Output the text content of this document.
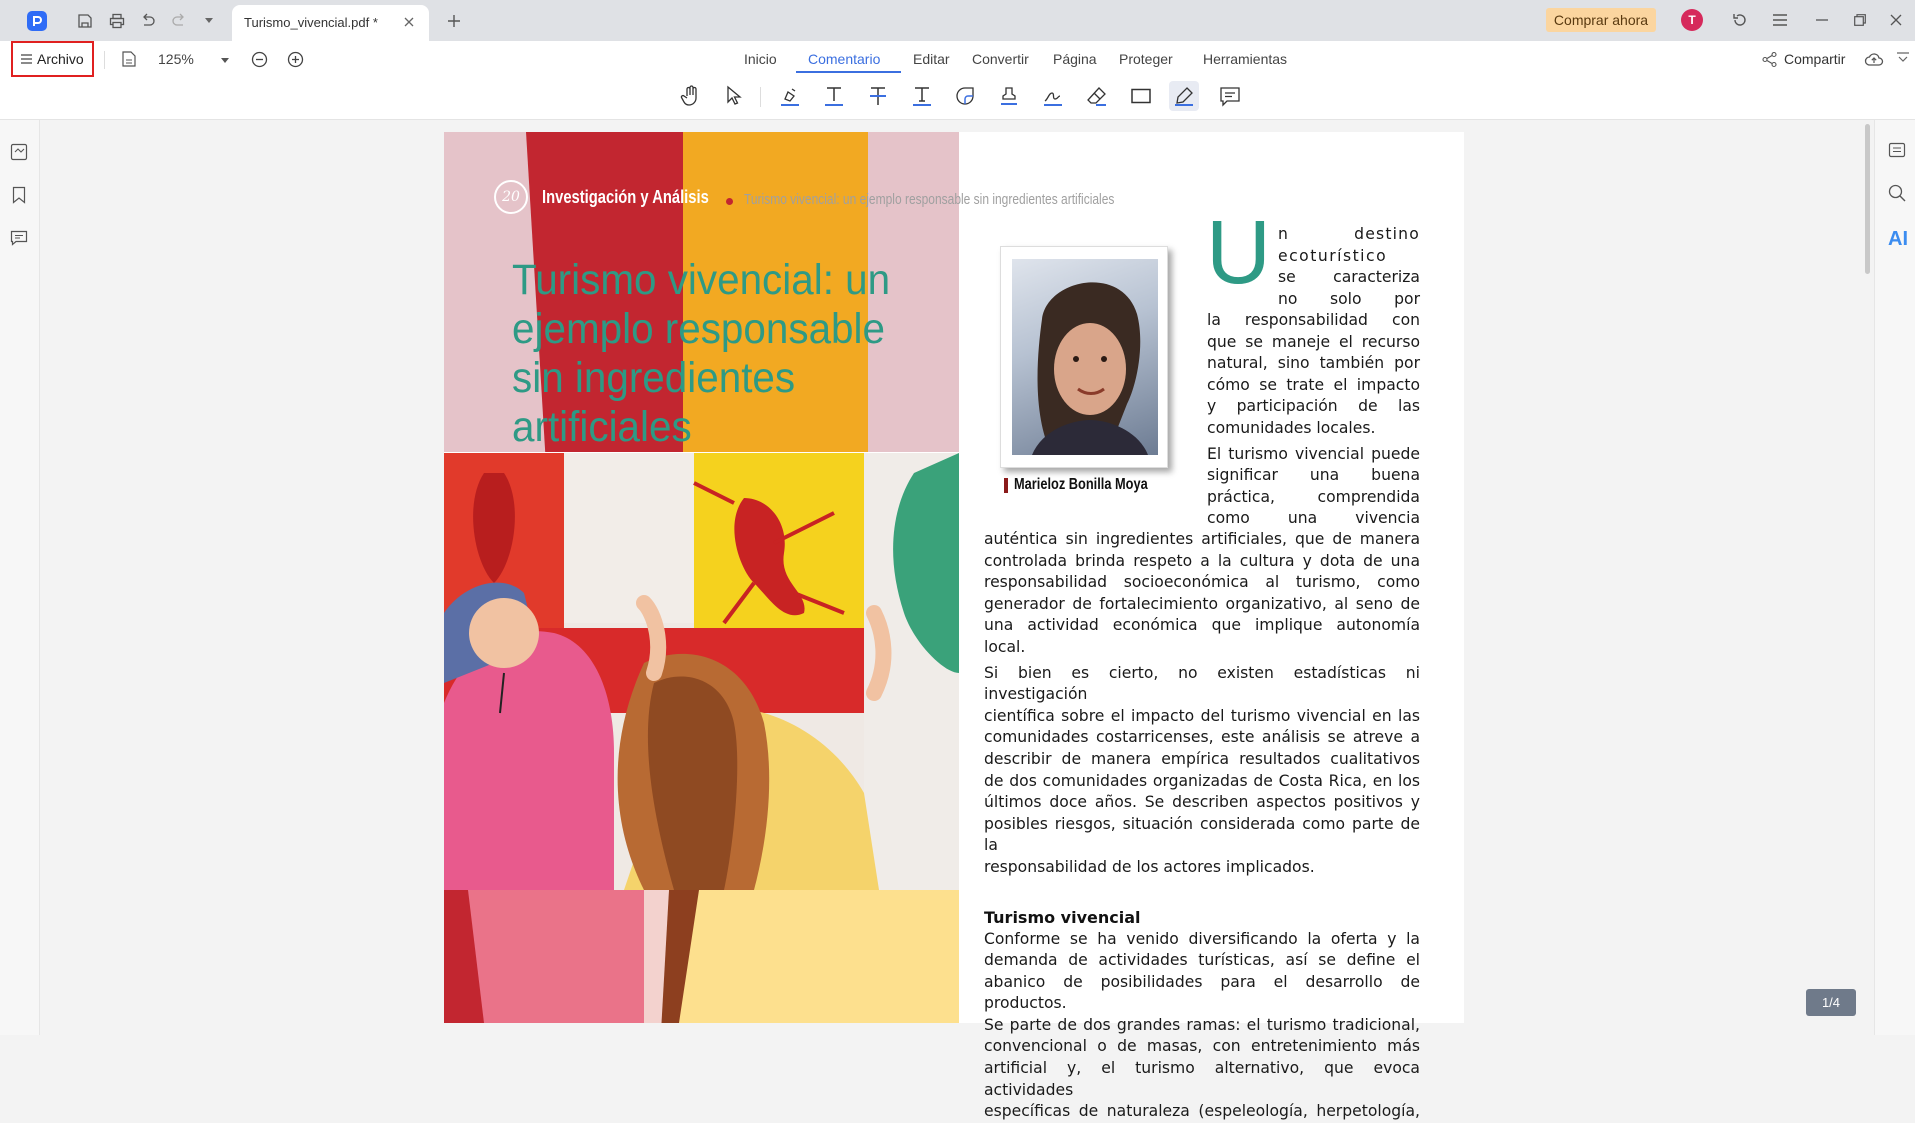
Turismo_vivencial.pdf *	Comprar ahora	T
Archivo	125%	Inicio Comentario Editar Convertir Página Proteger Herramientas	Compartir
AI
20 Investigación y Análisis Turismo vivencial: un ejemplo responsable sin ingredientes artificiales
Turismo vivencial: un
ejemplo responsable
sin ingredientes
artificiales
Marieloz Bonilla Moya
U n destino
ecoturístico
se caracteriza
no solo por
la responsabilidad con
que se maneje el recurso
natural, sino también por
cómo se trate el impacto
y participación de las
comunidades locales.
El turismo vivencial puede
significar una buena
práctica, comprendida
como una vivencia
auténtica sin ingredientes artificiales, que de manera
controlada brinda respeto a la cultura y dota de una
responsabilidad socioeconómica al turismo, como
generador de fortalecimiento organizativo, al seno de
una actividad económica que implique autonomía local.
Si bien es cierto, no existen estadísticas ni investigación
científica sobre el impacto del turismo vivencial en las
comunidades costarricenses, este análisis se atreve a
describir de manera empírica resultados cualitativos
de dos comunidades organizadas de Costa Rica, en los
últimos doce años. Se describen aspectos positivos y
posibles riesgos, situación considerada como parte de la
responsabilidad de los actores implicados.
Turismo vivencial
Conforme se ha venido diversificando la oferta y la
demanda de actividades turísticas, así se define el
abanico de posibilidades para el desarrollo de productos.
Se parte de dos grandes ramas: el turismo tradicional,
convencional o de masas, con entretenimiento más
artificial y, el turismo alternativo, que evoca actividades
específicas de naturaleza (espeleología, herpetología,
1/4
